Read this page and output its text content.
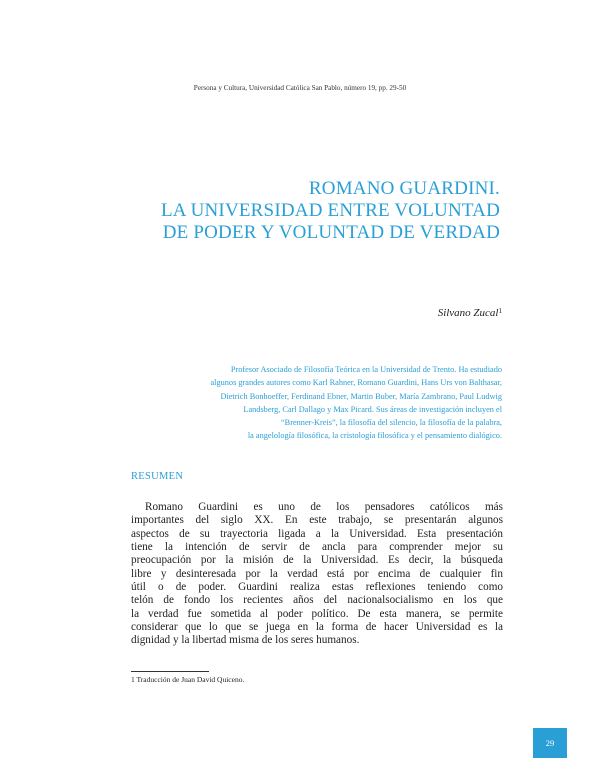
Persona y Cultura, Universidad Católica San Pablo, número 19, pp. 29-50
ROMANO GUARDINI.
LA UNIVERSIDAD ENTRE VOLUNTAD
DE PODER Y VOLUNTAD DE VERDAD
Silvano Zucal$^1$
Profesor Asociado de Filosofía Teórica en la Universidad de Trento. Ha estudiado
algunos grandes autores como Karl Rahner, Romano Guardini, Hans Urs von Balthasar,
Dietrich Bonhoeffer, Ferdinand Ebner, Martin Buber, María Zambrano, Paul Ludwig
Landsberg, Carl Dallago y Max Picard. Sus áreas de investigación incluyen el
“Brenner-Kreis”, la filosofía del silencio, la filosofía de la palabra,
la angelología filosófica, la cristología filosófica y el pensamiento dialógico.
RESUMEN
Romano Guardini es uno de los pensadores católicos más
importantes del siglo XX. En este trabajo, se presentarán algunos
aspectos de su trayectoria ligada a la Universidad. Esta presentación
tiene la intención de servir de ancla para comprender mejor su
preocupación por la misión de la Universidad. Es decir, la búsqueda
libre y desinteresada por la verdad está por encima de cualquier fin
útil o de poder. Guardini realiza estas reflexiones teniendo como
telón de fondo los recientes años del nacionalsocialismo en los que
la verdad fue sometida al poder político. De esta manera, se permite
considerar que lo que se juega en la forma de hacer Universidad es la
dignidad y la libertad misma de los seres humanos.
1 Traducción de Juan David Quiceno.
29
